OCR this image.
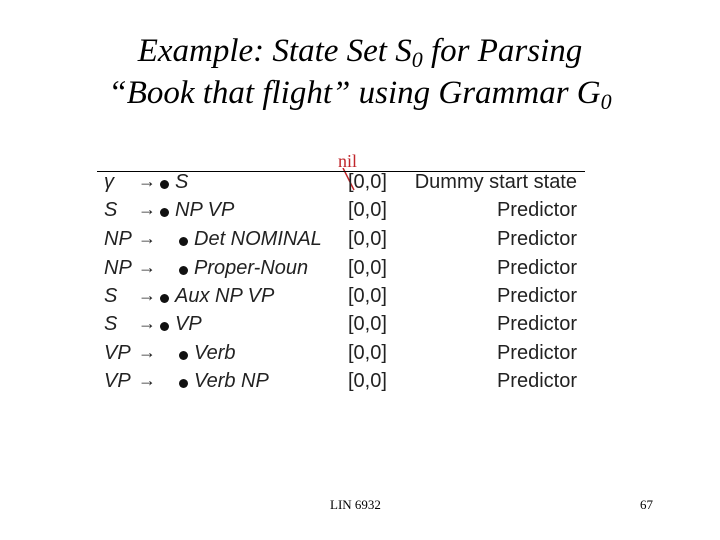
Example: State Set $S_0$ for Parsing
“Book that flight” using Grammar $G_0$
nil
γ → S	[0,0]	Dummy start state
S → NP VP	[0,0]	Predictor
NP → Det NOMINAL [0,0]	Predictor
NP → Proper-Noun [0,0]	Predictor
S → Aux NP VP	[0,0]	Predictor
S → VP	[0,0]	Predictor
VP → Verb	[0,0]	Predictor
VP → Verb NP	[0,0]	Predictor
LIN 6932	67
